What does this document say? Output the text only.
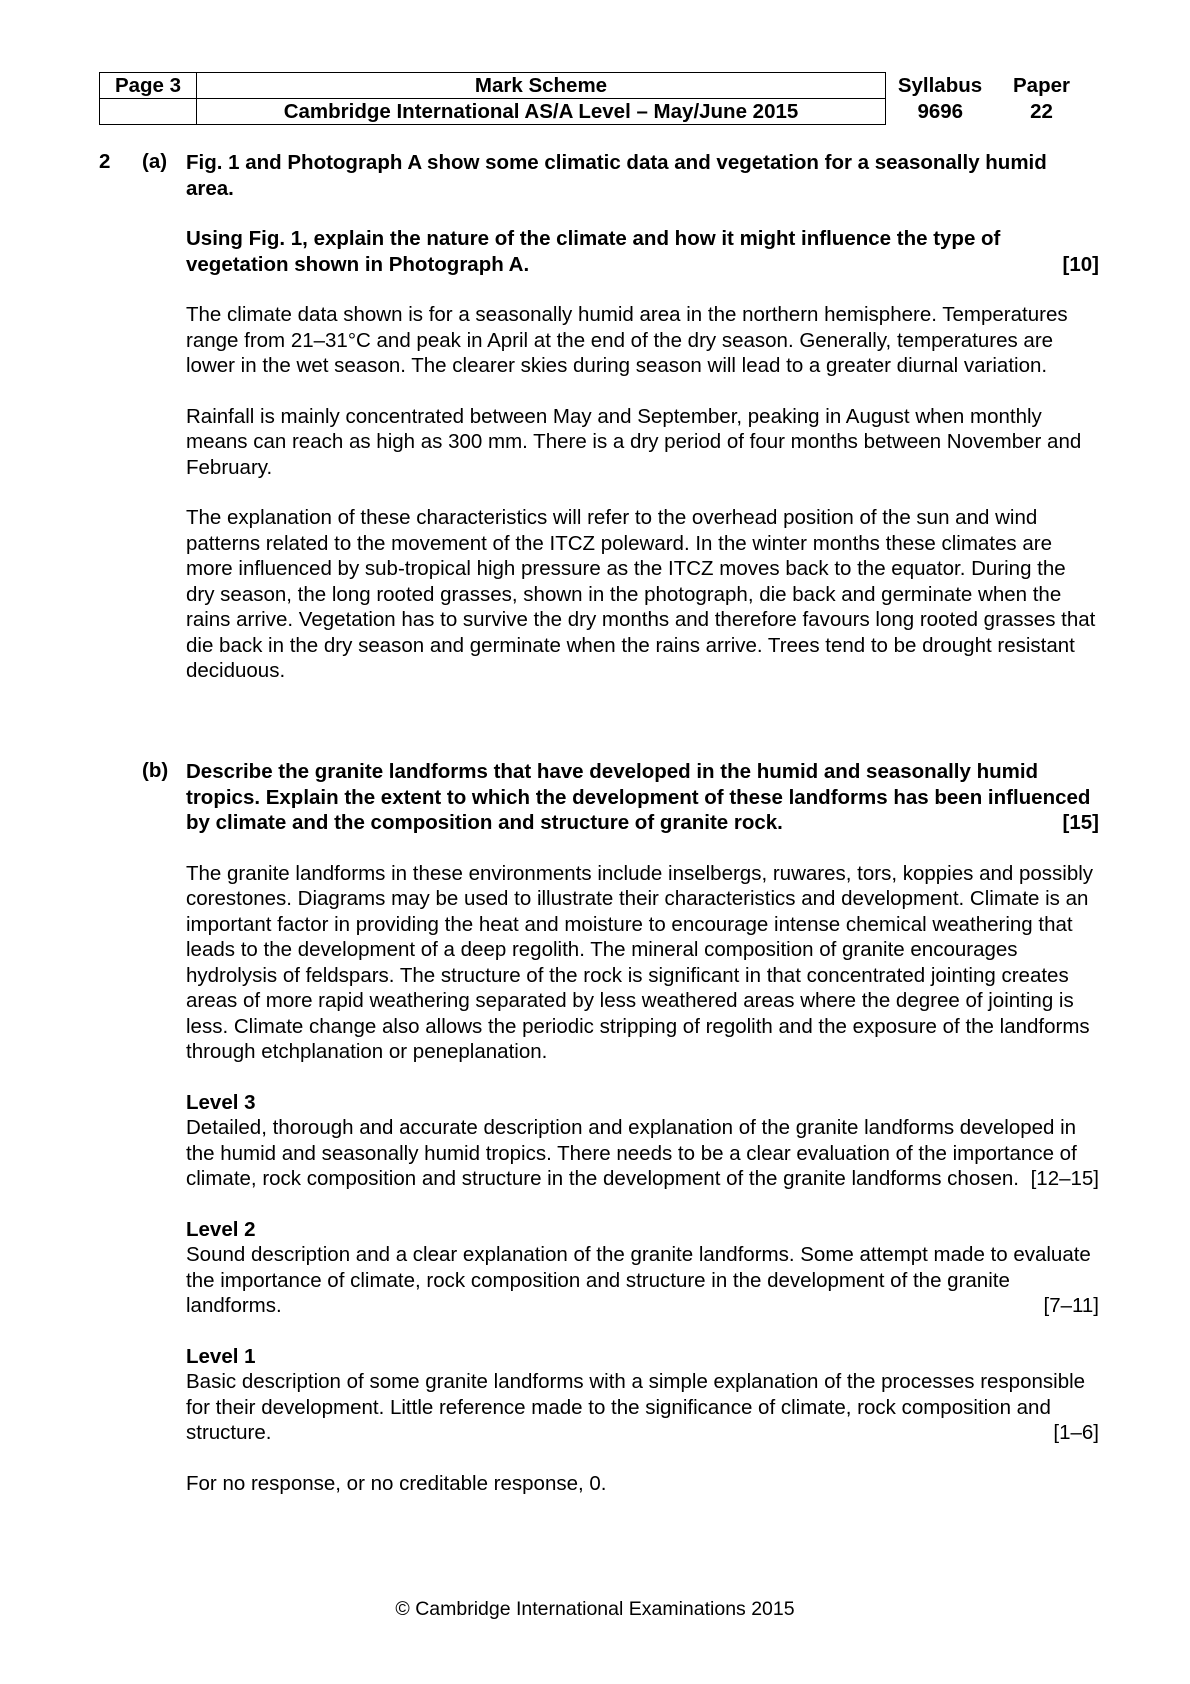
Page 3	Mark Scheme	Syllabus	Paper
	Cambridge International AS/A Level – May/June 2015	9696	22
2 (a) Fig. 1 and Photograph A show some climatic data and vegetation for a seasonally humid area.

Using Fig. 1, explain the nature of the climate and how it might influence the type of vegetation shown in Photograph A.	[10]

The climate data shown is for a seasonally humid area in the northern hemisphere. Temperatures range from 21–31°C and peak in April at the end of the dry season. Generally, temperatures are lower in the wet season. The clearer skies during season will lead to a greater diurnal variation.

Rainfall is mainly concentrated between May and September, peaking in August when monthly means can reach as high as 300 mm. There is a dry period of four months between November and February.

The explanation of these characteristics will refer to the overhead position of the sun and wind patterns related to the movement of the ITCZ poleward. In the winter months these climates are more influenced by sub-tropical high pressure as the ITCZ moves back to the equator. During the dry season, the long rooted grasses, shown in the photograph, die back and germinate when the rains arrive. Vegetation has to survive the dry months and therefore favours long rooted grasses that die back in the dry season and germinate when the rains arrive. Trees tend to be drought resistant deciduous.

(b) Describe the granite landforms that have developed in the humid and seasonally humid tropics. Explain the extent to which the development of these landforms has been influenced by climate and the composition and structure of granite rock.	[15]

The granite landforms in these environments include inselbergs, ruwares, tors, koppies and possibly corestones. Diagrams may be used to illustrate their characteristics and development. Climate is an important factor in providing the heat and moisture to encourage intense chemical weathering that leads to the development of a deep regolith. The mineral composition of granite encourages hydrolysis of feldspars. The structure of the rock is significant in that concentrated jointing creates areas of more rapid weathering separated by less weathered areas where the degree of jointing is less. Climate change also allows the periodic stripping of regolith and the exposure of the landforms through etchplanation or peneplanation.

Level 3

Detailed, thorough and accurate description and explanation of the granite landforms developed in the humid and seasonally humid tropics. There needs to be a clear evaluation of the importance of climate, rock composition and structure in the development of the granite landforms chosen. [12–15]

Level 2

Sound description and a clear explanation of the granite landforms. Some attempt made to evaluate the importance of climate, rock composition and structure in the development of the granite landforms.	[7–11]

Level 1

Basic description of some granite landforms with a simple explanation of the processes responsible for their development. Little reference made to the significance of climate, rock composition and structure.	[1–6]

For no response, or no creditable response, 0.

© Cambridge International Examinations 2015
